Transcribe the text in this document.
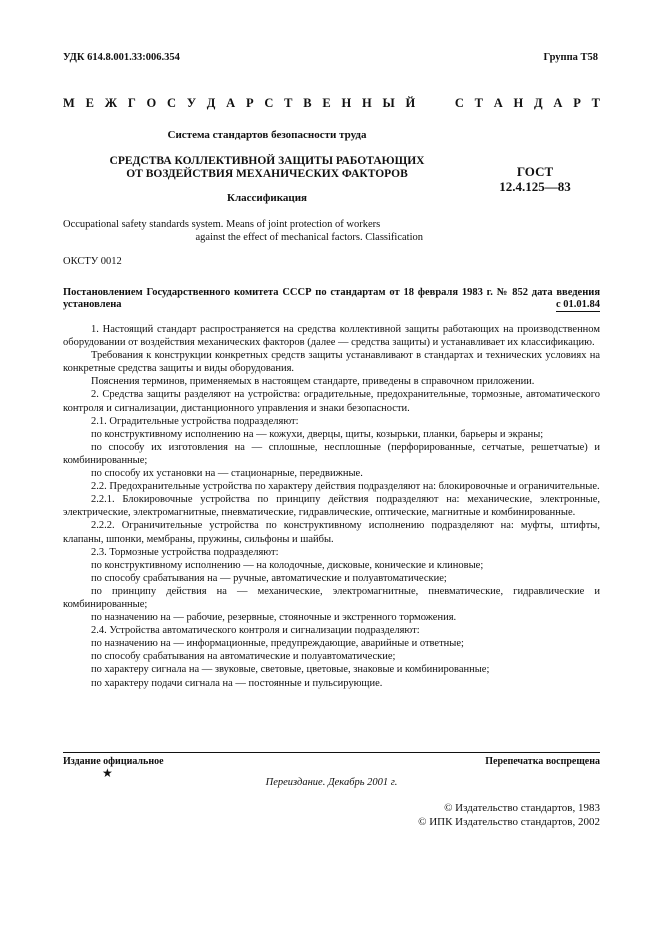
УДК 614.8.001.33:006.354	Группа Т58
М Е Ж Г О С У Д А Р С Т В Е Н Н Ы Й	С Т А Н Д А Р Т
Система стандартов безопасности труда
СРЕДСТВА КОЛЛЕКТИВНОЙ ЗАЩИТЫ РАБОТАЮЩИХ
ОТ ВОЗДЕЙСТВИЯ МЕХАНИЧЕСКИХ ФАКТОРОВ	ГОСТ
12.4.125—83
Классификация
Occupational safety standards system. Means of joint protection of workers
against the effect of mechanical factors. Classification
ОКСТУ 0012
Постановлением Государственного комитета СССР по стандартам от 18 февраля 1983 г. № 852 дата введения
установлена	с 01.01.84

1. Настоящий стандарт распространяется на средства коллективной защиты работающих на производственном оборудовании от воздействия механических факторов (далее — средства защиты) и устанавливает их классификацию.

Требования к конструкции конкретных средств защиты устанавливают в стандартах и технических условиях на конкретные средства защиты и виды оборудования.

Пояснения терминов, применяемых в настоящем стандарте, приведены в справочном приложении.

2. Средства защиты разделяют на устройства: оградительные, предохранительные, тормозные, автоматического контроля и сигнализации, дистанционного управления и знаки безопасности.

2.1. Оградительные устройства подразделяют:

по конструктивному исполнению на — кожухи, дверцы, щиты, козырьки, планки, барьеры и экраны;

по способу их изготовления на — сплошные, несплошные (перфорированные, сетчатые, решетчатые) и комбинированные;

по способу их установки на — стационарные, передвижные.

2.2. Предохранительные устройства по характеру действия подразделяют на: блокировочные и ограничительные.

2.2.1. Блокировочные устройства по принципу действия подразделяют на: механические, электронные, электрические, электромагнитные, пневматические, гидравлические, оптические, магнитные и комбинированные.

2.2.2. Ограничительные устройства по конструктивному исполнению подразделяют на: муфты, штифты, клапаны, шпонки, мембраны, пружины, сильфоны и шайбы.

2.3. Тормозные устройства подразделяют:

по конструктивному исполнению — на колодочные, дисковые, конические и клиновые;

по способу срабатывания на — ручные, автоматические и полуавтоматические;

по принципу действия на — механические, электромагнитные, пневматические, гидравлические и комбинированные;

по назначению на — рабочие, резервные, стояночные и экстренного торможения.

2.4. Устройства автоматического контроля и сигнализации подразделяют:

по назначению на — информационные, предупреждающие, аварийные и ответные;

по способу срабатывания на автоматические и полуавтоматические;

по характеру сигнала на — звуковые, световые, цветовые, знаковые и комбинированные;

по характеру подачи сигнала на — постоянные и пульсирующие.

Издание официальное
★
Перепечатка воспрещена
Переиздание. Декабрь 2001 г.
© Издательство стандартов, 1983
© ИПК Издательство стандартов, 2002
